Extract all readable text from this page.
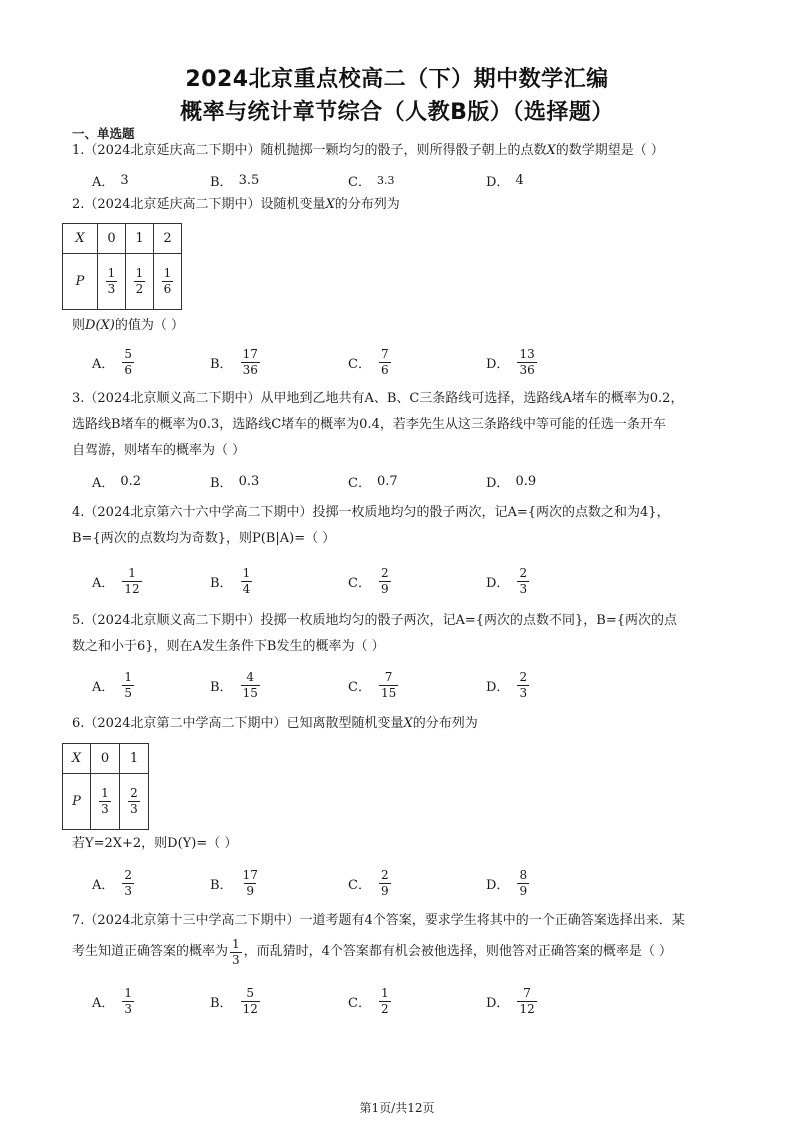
2024北京重点校高二（下）期中数学汇编
概率与统计章节综合（人教B版）（选择题）
一、单选题
1.（2024北京延庆高二下期中）随机抛掷一颗均匀的骰子，则所得骰子朝上的点数X的数学期望是（ ）
A． 3	B． 3.5	C． 3.3	D． 4
2.（2024北京延庆高二下期中）设随机变量X的分布列为
X	0	1	2
P	$\frac{1}{3}$	$\frac{1}{2}$	$\frac{1}{6}$
则D(X)的值为（ ）
A． $\frac{5}{6}$	B． $\frac{17}{36}$	C． $\frac{7}{6}$	D． $\frac{13}{36}$
3.（2024北京顺义高二下期中）从甲地到乙地共有A、B、C三条路线可选择，选路线A堵车的概率为0.2，
选路线B堵车的概率为0.3，选路线C堵车的概率为0.4，若李先生从这三条路线中等可能的任选一条开车
自驾游，则堵车的概率为（ ）
A． 0.2	B． 0.3	C． 0.7	D． 0.9
4.（2024北京第六十六中学高二下期中）投掷一枚质地均匀的骰子两次，记A={两次的点数之和为4}，
B={两次的点数均为奇数}，则P(B|A)=（ ）
A． $\frac{1}{12}$	B． $\frac{1}{4}$	C． $\frac{2}{9}$	D． $\frac{2}{3}$
5.（2024北京顺义高二下期中）投掷一枚质地均匀的骰子两次，记A={两次的点数不同}，B={两次的点
数之和小于6}，则在A发生条件下B发生的概率为（ ）
A． $\frac{1}{5}$	B． $\frac{4}{15}$	C． $\frac{7}{15}$	D． $\frac{2}{3}$
6.（2024北京第二中学高二下期中）已知离散型随机变量X的分布列为
X	0	1
P	$\frac{1}{3}$	$\frac{2}{3}$
若Y=2X+2，则D(Y)=（ ）
A． $\frac{2}{3}$	B． $\frac{17}{9}$	C． $\frac{2}{9}$	D． $\frac{8}{9}$
7.（2024北京第十三中学高二下期中）一道考题有4个答案，要求学生将其中的一个正确答案选择出来．某
考生知道正确答案的概率为 $\frac{1}{3}$ ，而乱猜时，4个答案都有机会被他选择，则他答对正确答案的概率是（ ）
A． $\frac{1}{3}$	B． $\frac{5}{12}$	C． $\frac{1}{2}$	D． $\frac{7}{12}$
第1页/共12页
